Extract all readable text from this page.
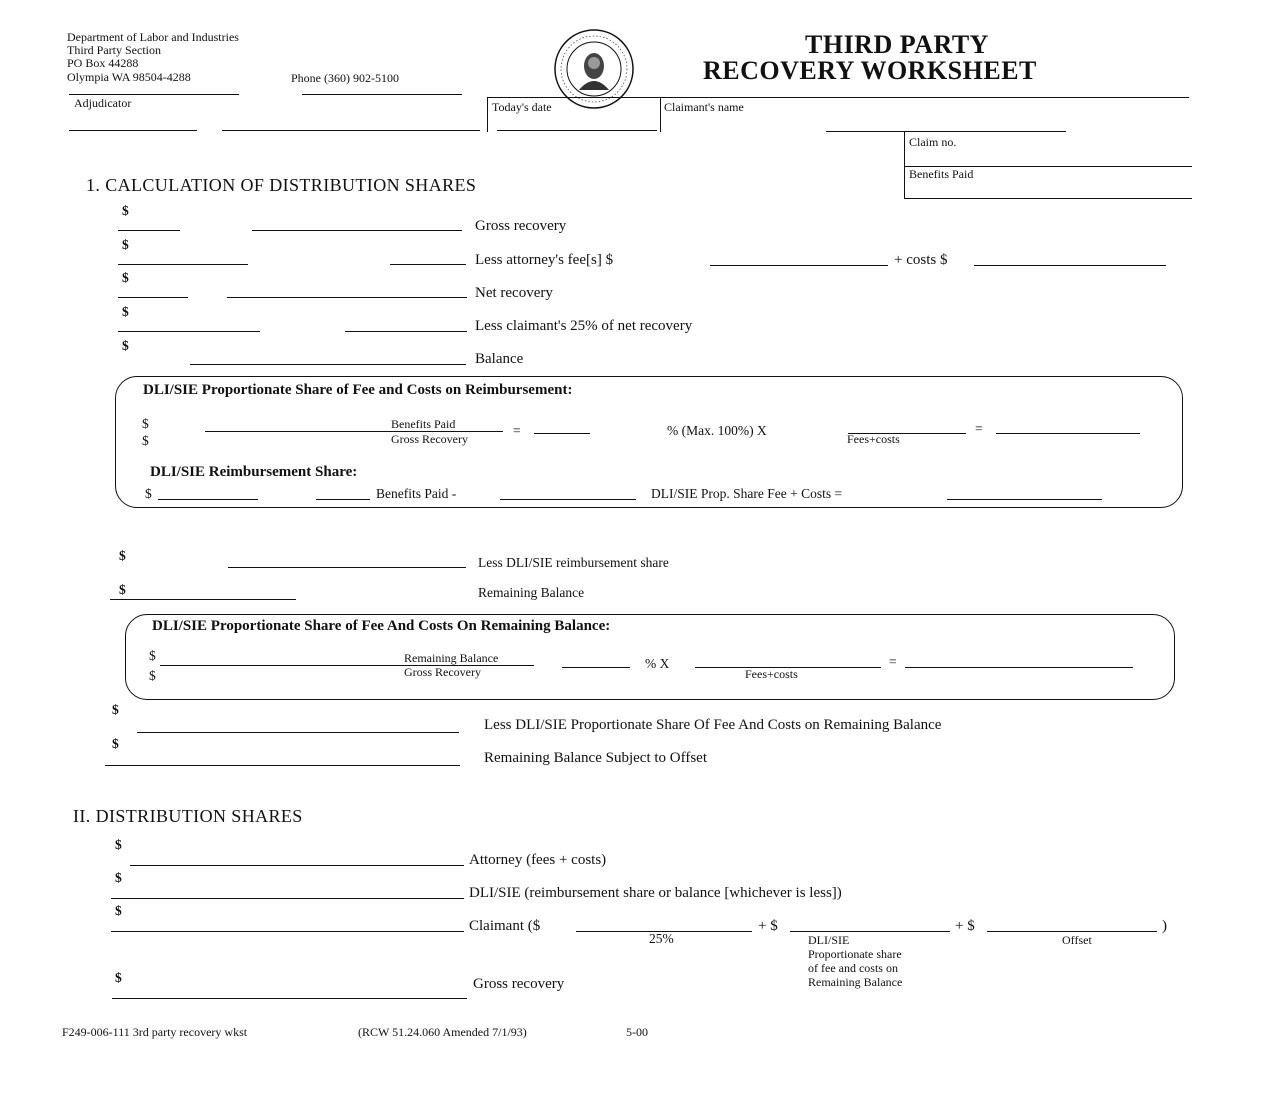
Department of Labor and Industries
Third Party Section
PO Box 44288
Olympia WA 98504-4288	Phone (360) 902-5100
THIRD PARTY
RECOVERY WORKSHEET
Adjudicator	Today's date	Claimant's name
Claim no.
Benefits Paid
1. CALCULATION OF DISTRIBUTION SHARES
$
Gross recovery
$
Less attorney's fee[s] $	+ costs $
$
Net recovery
$
Less claimant's 25% of net recovery
$
Balance
DLI/SIE Proportionate Share of Fee and Costs on Reimbursement:
$
$
Benefits Paid
Gross Recovery
=	% (Max. 100%) X
Fees+costs
=
DLI/SIE Reimbursement Share:
$	Benefits Paid -	DLI/SIE Prop. Share Fee + Costs =
$	Less DLI/SIE reimbursement share
$	Remaining Balance
DLI/SIE Proportionate Share of Fee And Costs On Remaining Balance:
$
$
Remaining Balance
Gross Recovery
% X
Fees+costs
=
$
Less DLI/SIE Proportionate Share Of Fee And Costs on Remaining Balance
$
Remaining Balance Subject to Offset
II. DISTRIBUTION SHARES
$
Attorney (fees + costs)
$
DLI/SIE (reimbursement share or balance [whichever is less])
$
Claimant ($	+ $	+ $	)
25%	DLI/SIE
Proportionate share
of fee and costs on
Remaining Balance
Offset
$	Gross recovery
F249-006-111 3rd party recovery wkst	(RCW 51.24.060 Amended 7/1/93)	5-00
